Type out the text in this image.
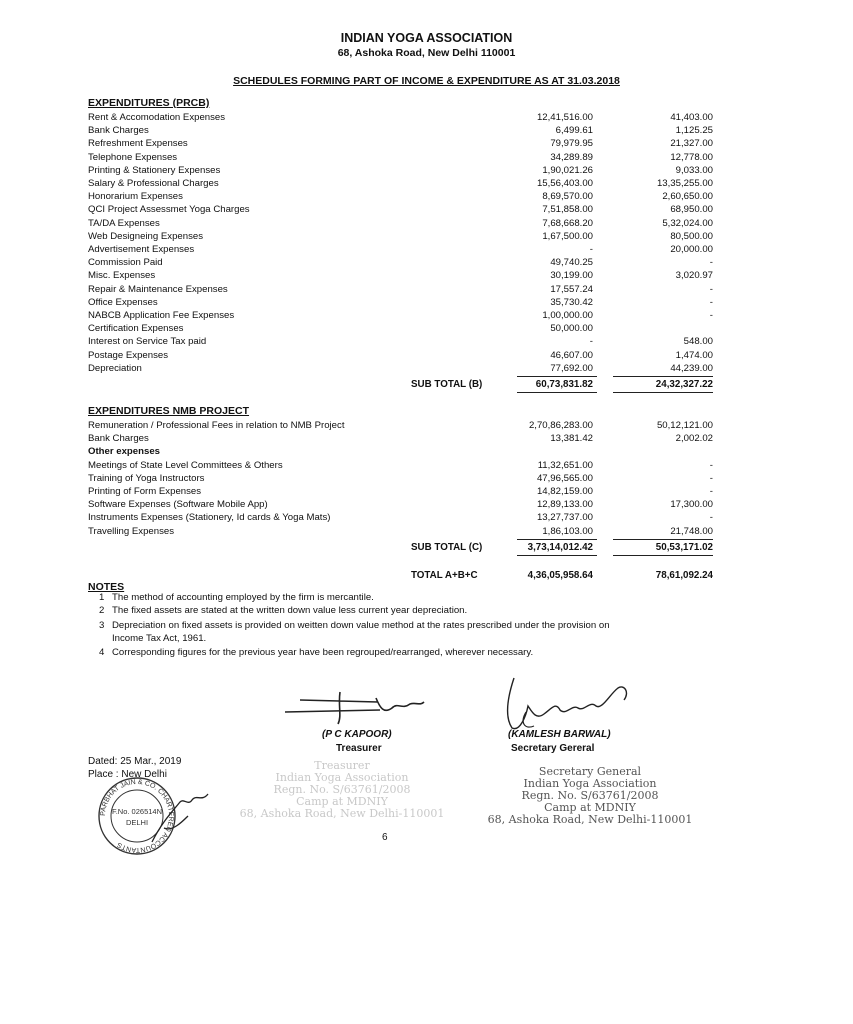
INDIAN YOGA ASSOCIATION
68, Ashoka Road, New Delhi 110001
SCHEDULES FORMING PART OF INCOME & EXPENDITURE AS AT 31.03.2018
EXPENDITURES (PRCB)
Rent & Accomodation Expenses	12,41,516.00	41,403.00
Bank Charges	6,499.61	1,125.25
Refreshment Expenses	79,979.95	21,327.00
Telephone Expenses	34,289.89	12,778.00
Printing & Stationery Expenses	1,90,021.26	9,033.00
Salary & Professional Charges	15,56,403.00	13,35,255.00
Honorarium Expenses	8,69,570.00	2,60,650.00
QCI Project Assessmet Yoga Charges	7,51,858.00	68,950.00
TA/DA Expenses	7,68,668.20	5,32,024.00
Web Designeing Expenses	1,67,500.00	80,500.00
Advertisement Expenses	-	20,000.00
Commission Paid	49,740.25	-
Misc. Expenses	30,199.00	3,020.97
Repair & Maintenance Expenses	17,557.24	-
Office Expenses	35,730.42	-
NABCB Application Fee Expenses	1,00,000.00	-
Certification Expenses	50,000.00
Interest on Service Tax paid	-	548.00
Postage Expenses	46,607.00	1,474.00
Depreciation	77,692.00	44,239.00
SUB TOTAL (B)	60,73,831.82	24,32,327.22
EXPENDITURES NMB PROJECT
Remuneration / Professional Fees in relation to NMB Project	2,70,86,283.00	50,12,121.00
Bank Charges	13,381.42	2,002.02
Other expenses
Meetings of State Level Committees & Others	11,32,651.00	-
Training of Yoga Instructors	47,96,565.00	-
Printing of Form Expenses	14,82,159.00	-
Software Expenses (Software Mobile App)	12,89,133.00	17,300.00
Instruments Expenses (Stationery, Id cards & Yoga Mats)	13,27,737.00	-
Travelling Expenses	1,86,103.00	21,748.00
SUB TOTAL (C)	3,73,14,012.42	50,53,171.02
TOTAL A+B+C	4,36,05,958.64	78,61,092.24
NOTES
1 The method of accounting employed by the firm is mercantile.
2 The fixed assets are stated at the written down value less current year depreciation.
3 Depreciation on fixed assets is provided on weitten down value method at the rates prescribed under the provision on
Income Tax Act, 1961.
4 Corresponding figures for the previous year have been regrouped/rearranged, wherever necessary.
(P C KAPOOR)
Treasurer
(KAMLESH BARWAL)
Secretary Gereral
Dated: 25 Mar., 2019
Place : New Delhi
Treasurer
Indian Yoga Association
Regn. No. S/63761/2008
Camp at MDNIY
68, Ashoka Road, New Delhi-110001
Secretary General
Indian Yoga Association
Regn. No. S/63761/2008
Camp at MDNIY
68, Ashoka Road, New Delhi-110001
PARBHAT JAIN & CO. CHARTERED ACCOUNTANTS
F.No. 026514N
DELHI
6
